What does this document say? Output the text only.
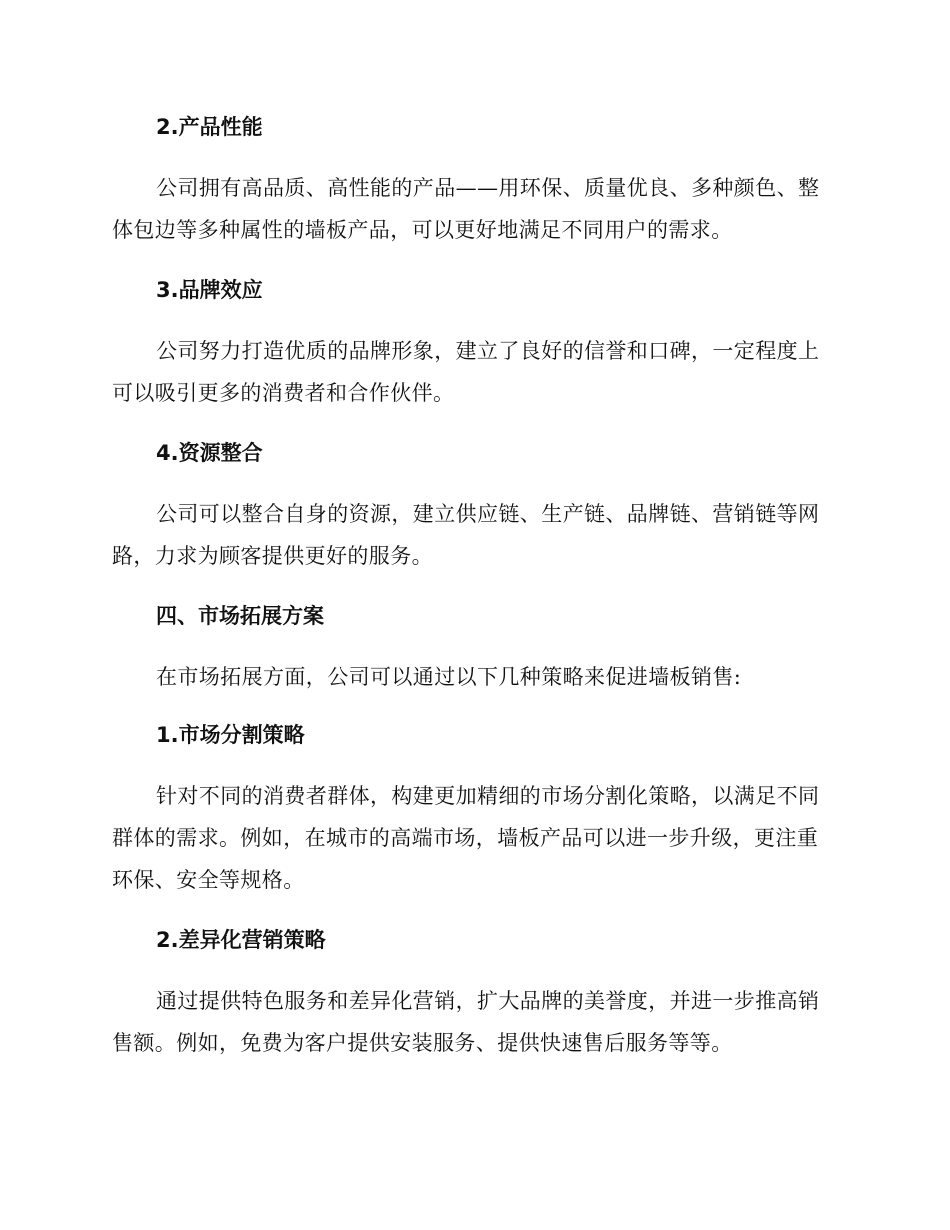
2.产品性能

公司拥有高品质、高性能的产品——用环保、质量优良、多种颜色、整体包边等多种属性的墙板产品，可以更好地满足不同用户的需求。

3.品牌效应

公司努力打造优质的品牌形象，建立了良好的信誉和口碑，一定程度上可以吸引更多的消费者和合作伙伴。

4.资源整合

公司可以整合自身的资源，建立供应链、生产链、品牌链、营销链等网路，力求为顾客提供更好的服务。

四、市场拓展方案

在市场拓展方面，公司可以通过以下几种策略来促进墙板销售:

1.市场分割策略

针对不同的消费者群体，构建更加精细的市场分割化策略，以满足不同群体的需求。例如，在城市的高端市场，墙板产品可以进一步升级，更注重环保、安全等规格。

2.差异化营销策略

通过提供特色服务和差异化营销，扩大品牌的美誉度，并进一步推高销售额。例如，免费为客户提供安装服务、提供快速售后服务等等。
